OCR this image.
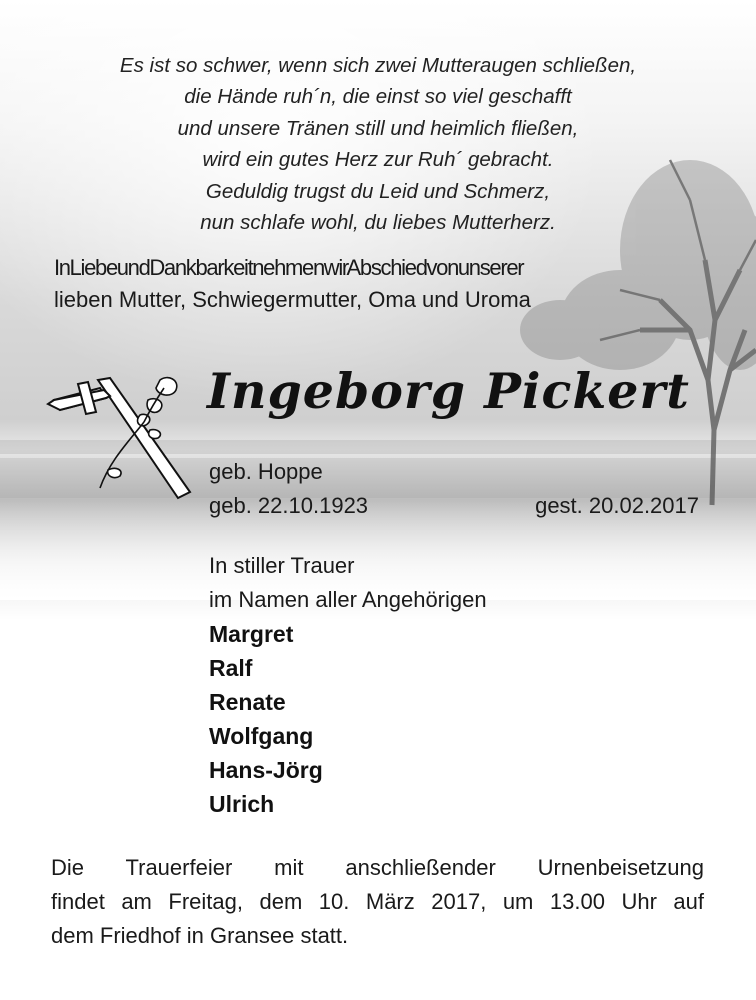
Es ist so schwer, wenn sich zwei Mutteraugen schließen,
die Hände ruh´n, die einst so viel geschafft
und unsere Tränen still und heimlich fließen,
wird ein gutes Herz zur Ruh´ gebracht.
Geduldig trugst du Leid und Schmerz,
nun schlafe wohl, du liebes Mutterherz.
In Liebe und Dankbarkeit nehmen wir Abschied von unserer
lieben Mutter, Schwiegermutter, Oma und Uroma
Ingeborg Pickert
geb. Hoppe
geb. 22.10.1923	gest. 20.02.2017
In stiller Trauer
im Namen aller Angehörigen
Margret
Ralf
Renate
Wolfgang
Hans-Jörg
Ulrich
Die Trauerfeier mit anschließender Urnenbeisetzung
findet am Freitag, dem 10. März 2017, um 13.00 Uhr auf
dem Friedhof in Gransee statt.
